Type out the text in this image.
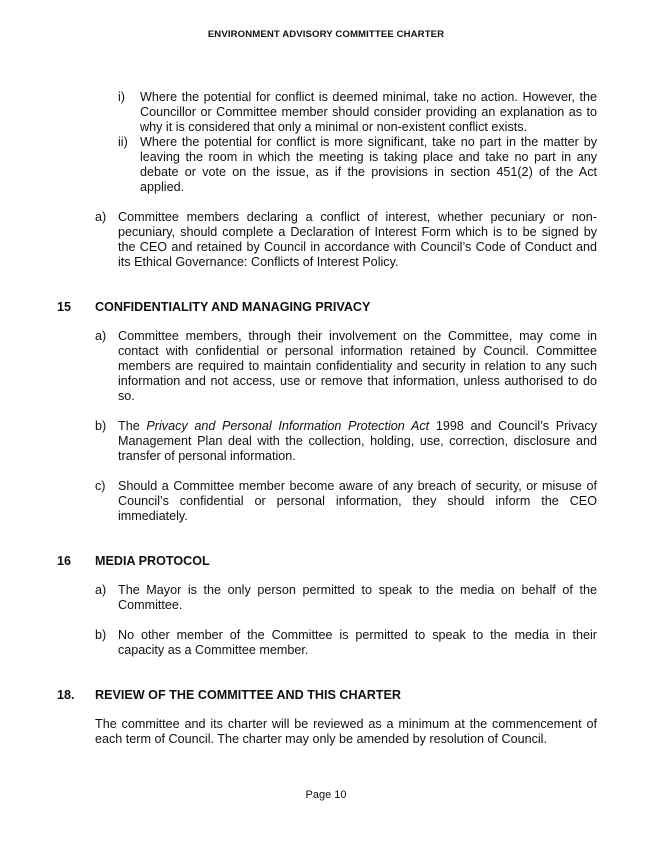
ENVIRONMENT ADVISORY COMMITTEE CHARTER
i) Where the potential for conflict is deemed minimal, take no action. However, the Councillor or Committee member should consider providing an explanation as to why it is considered that only a minimal or non-existent conflict exists.

ii) Where the potential for conflict is more significant, take no part in the matter by leaving the room in which the meeting is taking place and take no part in any debate or vote on the issue, as if the provisions in section 451(2) of the Act applied.

a) Committee members declaring a conflict of interest, whether pecuniary or non-pecuniary, should complete a Declaration of Interest Form which is to be signed by the CEO and retained by Council in accordance with Council’s Code of Conduct and its Ethical Governance: Conflicts of Interest Policy.

15 CONFIDENTIALITY AND MANAGING PRIVACY
a) Committee members, through their involvement on the Committee, may come in contact with confidential or personal information retained by Council. Committee members are required to maintain confidentiality and security in relation to any such information and not access, use or remove that information, unless authorised to do so.

b) The Privacy and Personal Information Protection Act 1998 and Council’s Privacy Management Plan deal with the collection, holding, use, correction, disclosure and transfer of personal information.

c) Should a Committee member become aware of any breach of security, or misuse of Council’s confidential or personal information, they should inform the CEO immediately.

16 MEDIA PROTOCOL
a) The Mayor is the only person permitted to speak to the media on behalf of the Committee.

b) No other member of the Committee is permitted to speak to the media in their capacity as a Committee member.

18. REVIEW OF THE COMMITTEE AND THIS CHARTER

The committee and its charter will be reviewed as a minimum at the commencement of each term of Council. The charter may only be amended by resolution of Council.

Page 10
